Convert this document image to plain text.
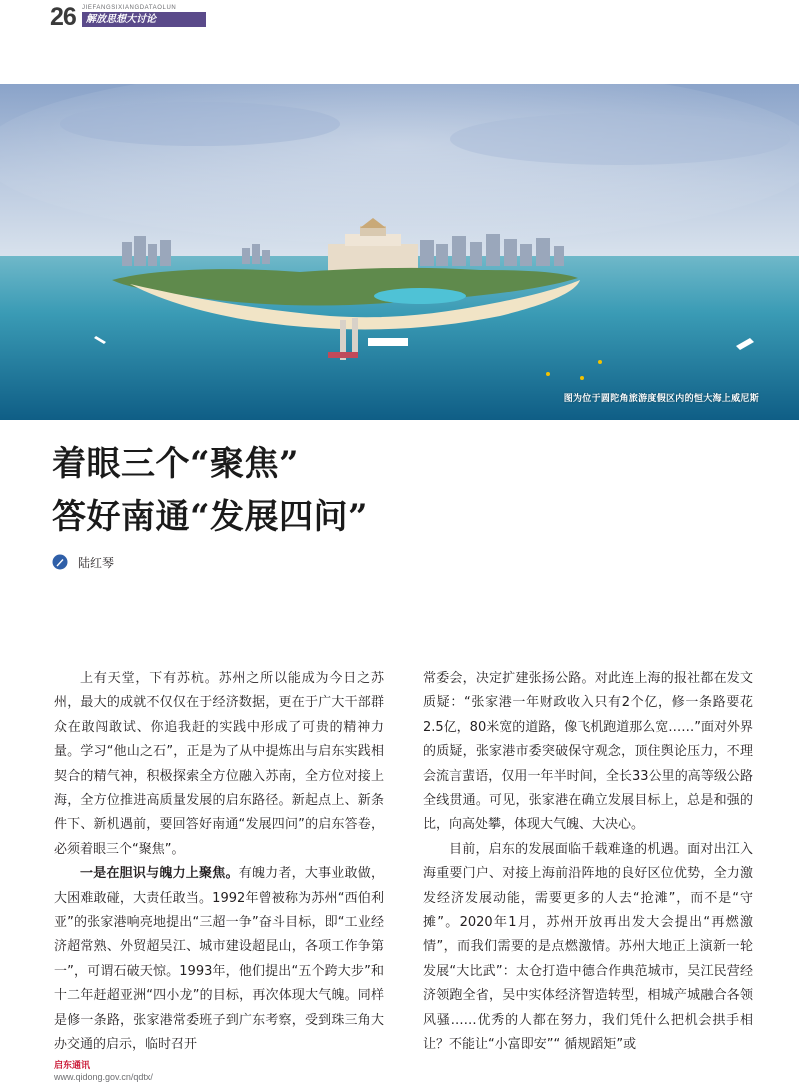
26 JIEFANGSIXIANGDATAOLUN
解放思想大讨论
图为位于圆陀角旅游度假区内的恒大海上威尼斯
着眼三个“聚焦”
答好南通“发展四问”
陆红琴

上有天堂，下有苏杭。苏州之所以能成为今日之苏州，最大的成就不仅仅在于经济数据，更在于广大干部群众在敢闯敢试、你追我赶的实践中形成了可贵的精神力量。学习“他山之石”，正是为了从中提炼出与启东实践相契合的精气神，积极探索全方位融入苏南，全方位对接上海，全方位推进高质量发展的启东路径。新起点上、新条件下、新机遇前，要回答好南通“发展四问”的启东答卷，必须着眼三个“聚焦”。

一是在胆识与魄力上聚焦。有魄力者，大事业敢做，大困难敢碰，大责任敢当。1992年曾被称为苏州“西伯利亚”的张家港响亮地提出“三超一争”奋斗目标，即“工业经济超常熟、外贸超吴江、城市建设超昆山，各项工作争第一”，可谓石破天惊。1993年，他们提出“五个跨大步”和十二年赶超亚洲“四小龙”的目标，再次体现大气魄。同样是修一条路，张家港常委班子到广东考察，受到珠三角大办交通的启示，临时召开

常委会，决定扩建张扬公路。对此连上海的报社都在发文质疑：“张家港一年财政收入只有2个亿，修一条路要花2.5亿，80米宽的道路，像飞机跑道那么宽……”面对外界的质疑，张家港市委突破保守观念，顶住舆论压力，不理会流言蜚语，仅用一年半时间，全长33公里的高等级公路全线贯通。可见，张家港在确立发展目标上，总是和强的比，向高处攀，体现大气魄、大决心。

目前，启东的发展面临千载难逢的机遇。面对出江入海重要门户、对接上海前沿阵地的良好区位优势，全力激发经济发展动能，需要更多的人去“抢滩”，而不是“守摊”。2020年1月，苏州开放再出发大会提出“再燃激情”，而我们需要的是点燃激情。苏州大地正上演新一轮发展“大比武”：太仓打造中德合作典范城市，吴江民营经济领跑全省，吴中实体经济智造转型，相城产城融合各领风骚……优秀的人都在努力，我们凭什么把机会拱手相让？不能让“小富即安”“ 循规蹈矩”或

启东通讯
www.qidong.gov.cn/qdtx/
